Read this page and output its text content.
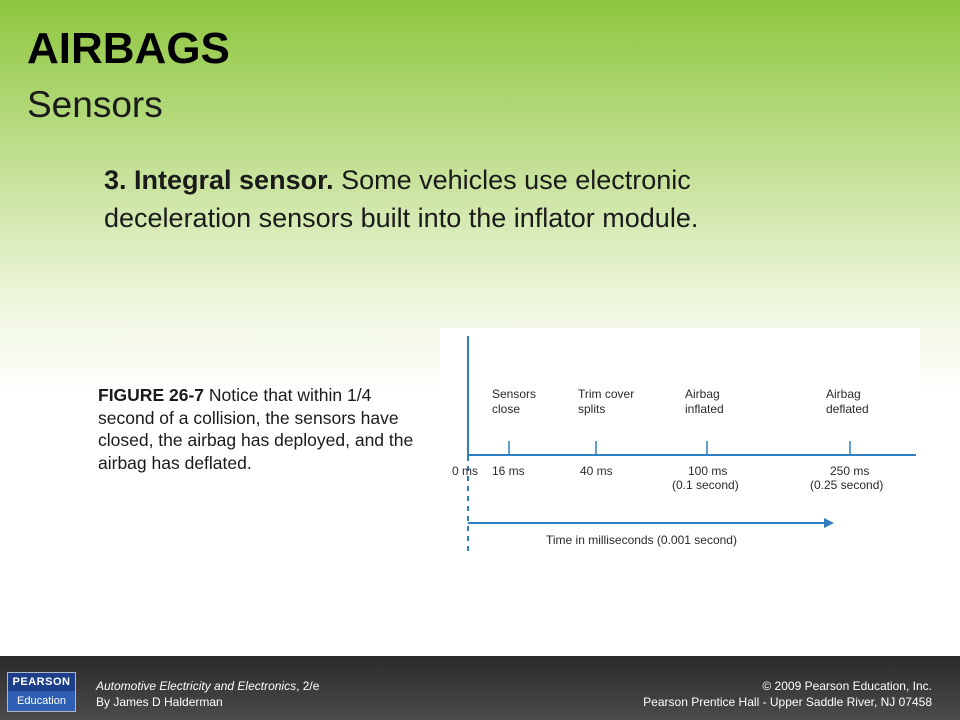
AIRBAGS
Sensors
3. Integral sensor. Some vehicles use electronic deceleration sensors built into the inflator module.
FIGURE 26-7 Notice that within 1/4 second of a collision, the sensors have closed, the airbag has deployed, and the airbag has deflated.
Sensors
close
Trim cover
splits
Airbag
inflated
Airbag
deflated
0 ms 16 ms	40 ms	100 ms
(0.1 second)
250 ms
(0.25 second)
Time in milliseconds (0.001 second)
PEARSON
Education
Automotive Electricity and Electronics, 2/e
By James D Halderman
© 2009 Pearson Education, Inc.
Pearson Prentice Hall - Upper Saddle River, NJ 07458
